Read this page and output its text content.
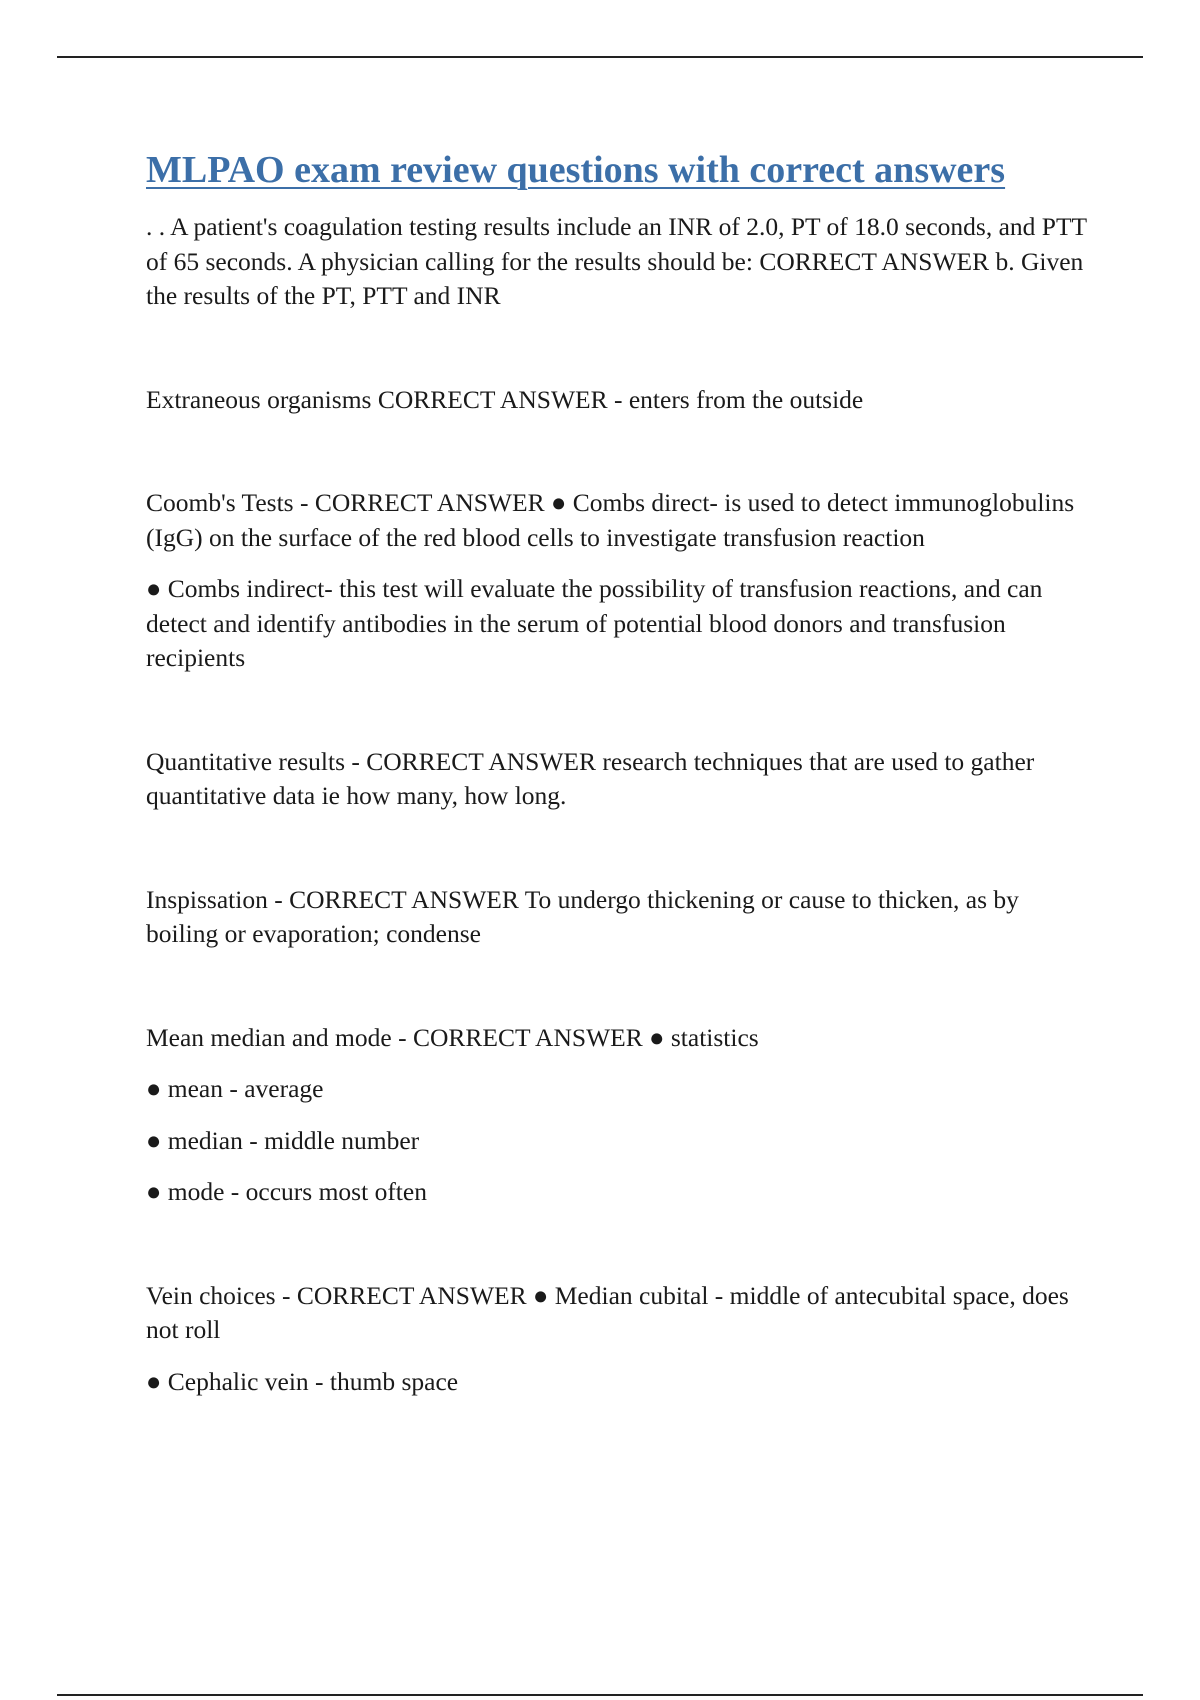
MLPAO exam review questions with correct answers

. . A patient's coagulation testing results include an INR of 2.0, PT of 18.0 seconds, and PTT of 65 seconds. A physician calling for the results should be: CORRECT ANSWER b. Given the results of the PT, PTT and INR

Extraneous organisms CORRECT ANSWER - enters from the outside

Coomb's Tests - CORRECT ANSWER ● Combs direct- is used to detect immunoglobulins (IgG) on the surface of the red blood cells to investigate transfusion reaction

● Combs indirect- this test will evaluate the possibility of transfusion reactions, and can detect and identify antibodies in the serum of potential blood donors and transfusion recipients

Quantitative results - CORRECT ANSWER research techniques that are used to gather quantitative data ie how many, how long.

Inspissation - CORRECT ANSWER To undergo thickening or cause to thicken, as by boiling or evaporation; condense

Mean median and mode - CORRECT ANSWER ● statistics

● mean - average

● median - middle number

● mode - occurs most often

Vein choices - CORRECT ANSWER ● Median cubital - middle of antecubital space, does not roll

● Cephalic vein - thumb space
